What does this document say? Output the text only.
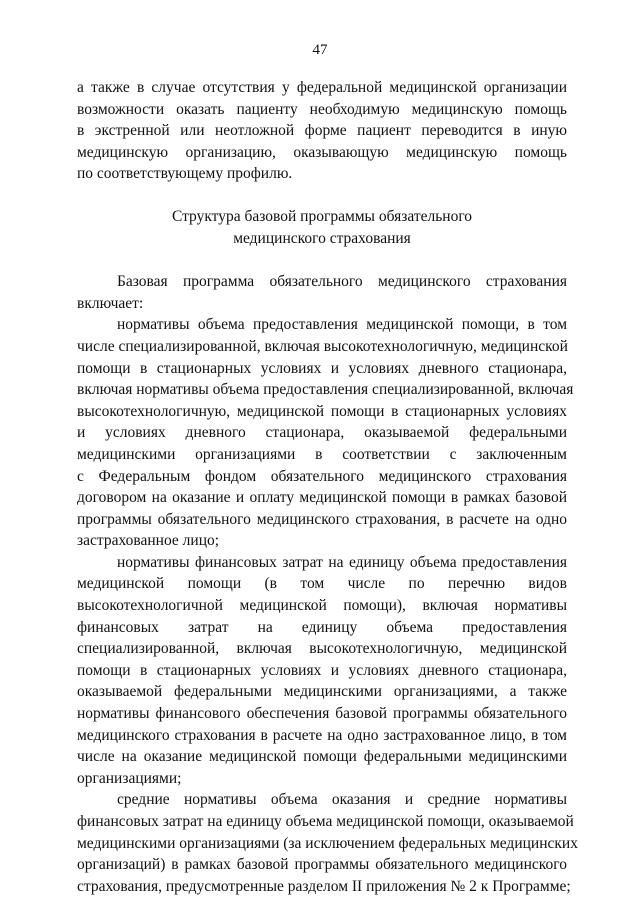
47
а также в случае отсутствия у федеральной медицинской организации
возможности оказать пациенту необходимую медицинскую помощь
в экстренной или неотложной форме пациент переводится в иную
медицинскую организацию, оказывающую медицинскую помощь
по соответствующему профилю.
Структура базовой программы обязательного
медицинского страхования
Базовая программа обязательного медицинского страхования
включает:
нормативы объема предоставления медицинской помощи, в том
числе специализированной, включая высокотехнологичную, медицинской
помощи в стационарных условиях и условиях дневного стационара,
включая нормативы объема предоставления специализированной, включая
высокотехнологичную, медицинской помощи в стационарных условиях
и условиях дневного стационара, оказываемой федеральными
медицинскими организациями в соответствии с заключенным
с Федеральным фондом обязательного медицинского страхования
договором на оказание и оплату медицинской помощи в рамках базовой
программы обязательного медицинского страхования, в расчете на одно
застрахованное лицо;
нормативы финансовых затрат на единицу объема предоставления
медицинской помощи (в том числе по перечню видов
высокотехнологичной медицинской помощи), включая нормативы
финансовых затрат на единицу объема предоставления
специализированной, включая высокотехнологичную, медицинской
помощи в стационарных условиях и условиях дневного стационара,
оказываемой федеральными медицинскими организациями, а также
нормативы финансового обеспечения базовой программы обязательного
медицинского страхования в расчете на одно застрахованное лицо, в том
числе на оказание медицинской помощи федеральными медицинскими
организациями;
средние нормативы объема оказания и средние нормативы
финансовых затрат на единицу объема медицинской помощи, оказываемой
медицинскими организациями (за исключением федеральных медицинских
организаций) в рамках базовой программы обязательного медицинского
страхования, предусмотренные разделом II приложения № 2 к Программе;
